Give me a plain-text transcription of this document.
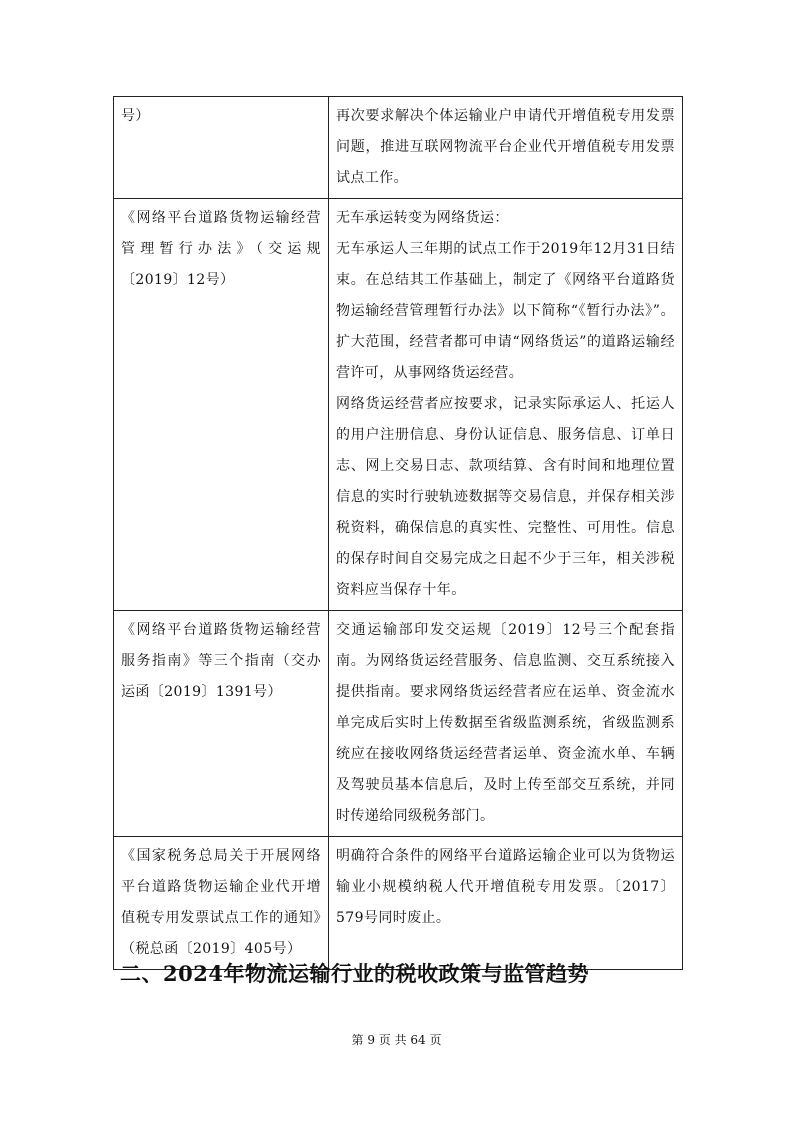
号）	再次要求解决个体运输业户申请代开增值税专用发票问题，推进互联网物流平台企业代开增值税专用发票试点工作。

《网络平台道路货物运输经营管理暂行办法》（交运规〔2019〕12号）	无车承运转变为网络货运：

无车承运人三年期的试点工作于2019年12月31日结束。在总结其工作基础上，制定了《网络平台道路货物运输经营管理暂行办法》以下简称“《暂行办法》”。扩大范围，经营者都可申请“网络货运”的道路运输经营许可，从事网络货运经营。

网络货运经营者应按要求，记录实际承运人、托运人的用户注册信息、身份认证信息、服务信息、订单日志、网上交易日志、款项结算、含有时间和地理位置信息的实时行驶轨迹数据等交易信息，并保存相关涉税资料，确保信息的真实性、完整性、可用性。信息的保存时间自交易完成之日起不少于三年，相关涉税资料应当保存十年。

《网络平台道路货物运输经营服务指南》等三个指南（交办运函〔2019〕1391号）	交通运输部印发交运规〔2019〕12号三个配套指南。为网络货运经营服务、信息监测、交互系统接入提供指南。要求网络货运经营者应在运单、资金流水单完成后实时上传数据至省级监测系统，省级监测系统应在接收网络货运经营者运单、资金流水单、车辆及驾驶员基本信息后，及时上传至部交互系统，并同时传递给同级税务部门。

《国家税务总局关于开展网络平台道路货物运输企业代开增值税专用发票试点工作的通知》（税总函〔2019〕405号）	明确符合条件的网络平台道路运输企业可以为货物运输业小规模纳税人代开增值税专用发票。〔2017〕579号同时废止。

二、2024年物流运输行业的税收政策与监管趋势
第 9 页 共 64 页
